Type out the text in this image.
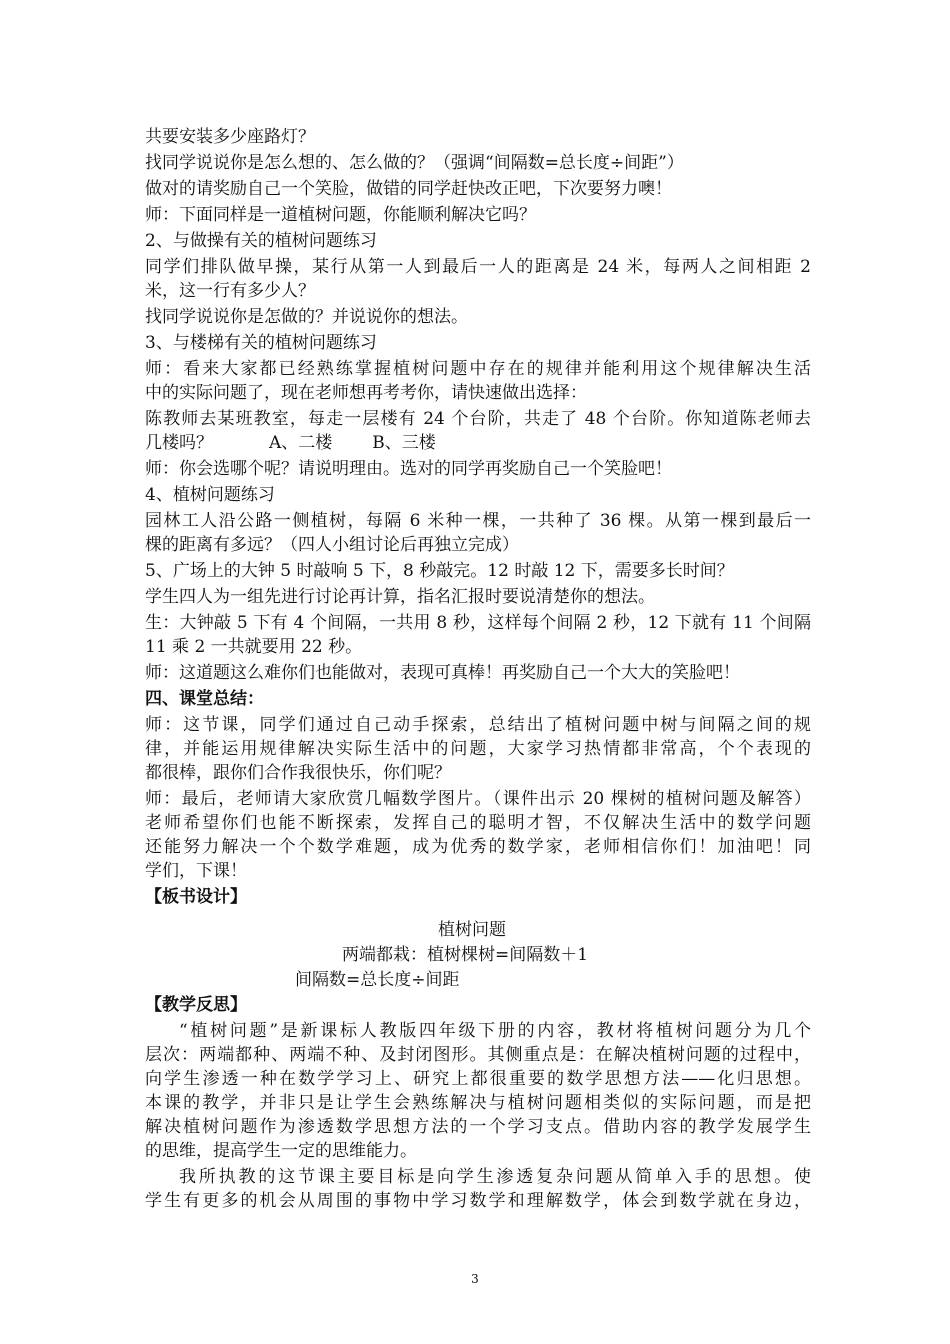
共要安装多少座路灯？
找同学说说你是怎么想的、怎么做的？（强调“间隔数=总长度÷间距”）
做对的请奖励自己一个笑脸，做错的同学赶快改正吧，下次要努力噢！
师：下面同样是一道植树问题，你能顺利解决它吗？
2、与做操有关的植树问题练习
同学们排队做早操，某行从第一人到最后一人的距离是 24 米，每两人之间相距 2
米，这一行有多少人？
找同学说说你是怎做的？并说说你的想法。
3、与楼梯有关的植树问题练习
师：看来大家都已经熟练掌握植树问题中存在的规律并能利用这个规律解决生活
中的实际问题了，现在老师想再考考你，请快速做出选择：
陈教师去某班教室，每走一层楼有 24 个台阶，共走了 48 个台阶。你知道陈老师去
几楼吗？	A、二楼 B、三楼
师：你会选哪个呢？请说明理由。选对的同学再奖励自己一个笑脸吧！
4、植树问题练习
园林工人沿公路一侧植树，每隔 6 米种一棵，一共种了 36 棵。从第一棵到最后一
棵的距离有多远？（四人小组讨论后再独立完成）
5、广场上的大钟 5 时敲响 5 下，8 秒敲完。12 时敲 12 下，需要多长时间？
学生四人为一组先进行讨论再计算，指名汇报时要说清楚你的想法。
生：大钟敲 5 下有 4 个间隔，一共用 8 秒，这样每个间隔 2 秒，12 下就有 11 个间隔
11 乘 2 一共就要用 22 秒。
师：这道题这么难你们也能做对，表现可真棒！再奖励自己一个大大的笑脸吧！
四、课堂总结：
师：这节课，同学们通过自己动手探索，总结出了植树问题中树与间隔之间的规
律，并能运用规律解决实际生活中的问题，大家学习热情都非常高，个个表现的
都很棒，跟你们合作我很快乐，你们呢？
师：最后，老师请大家欣赏几幅数学图片。（课件出示 20 棵树的植树问题及解答）
老师希望你们也能不断探索，发挥自己的聪明才智，不仅解决生活中的数学问题
还能努力解决一个个数学难题，成为优秀的数学家，老师相信你们！加油吧！同
学们，下课！
【板书设计】
植树问题
两端都栽：植树棵树=间隔数＋1
间隔数=总长度÷间距
【教学反思】
“植树问题”是新课标人教版四年级下册的内容，教材将植树问题分为几个
层次：两端都种、两端不种、及封闭图形。其侧重点是：在解决植树问题的过程中，
向学生渗透一种在数学学习上、研究上都很重要的数学思想方法——化归思想。
本课的教学，并非只是让学生会熟练解决与植树问题相类似的实际问题，而是把
解决植树问题作为渗透数学思想方法的一个学习支点。借助内容的教学发展学生
的思维，提高学生一定的思维能力。
我所执教的这节课主要目标是向学生渗透复杂问题从简单入手的思想。使
学生有更多的机会从周围的事物中学习数学和理解数学，体会到数学就在身边，
3
